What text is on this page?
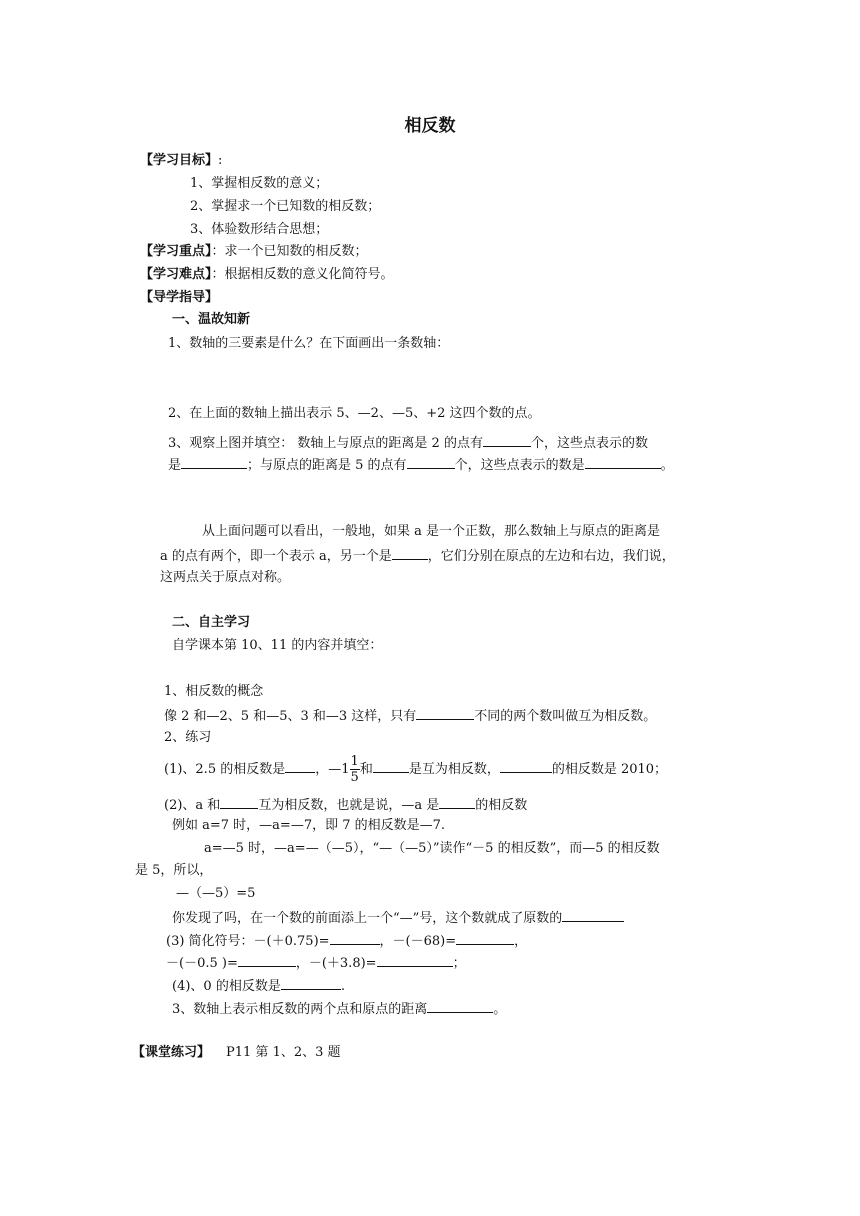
相反数
【学习目标】:
1、掌握相反数的意义；
2、掌握求一个已知数的相反数；
3、体验数形结合思想；
【学习重点】：求一个已知数的相反数；
【学习难点】：根据相反数的意义化简符号。
【导学指导】
一、温故知新
1、数轴的三要素是什么？在下面画出一条数轴：
2、在上面的数轴上描出表示 5、—2、—5、+2 这四个数的点。
3、观察上图并填空： 数轴上与原点的距离是 2 的点有	个，这些点表示的数
是	；与原点的距离是 5 的点有	个，这些点表示的数是	。
从上面问题可以看出，一般地，如果 a 是一个正数，那么数轴上与原点的距离是
a 的点有两个，即一个表示 a，另一个是	，它们分别在原点的左边和右边，我们说，
这两点关于原点对称。
二、自主学习
自学课本第 10、11 的内容并填空：
1、相反数的概念
像 2 和—2、5 和—5、3 和—3 这样，只有	不同的两个数叫做互为相反数。
2、练习
(1)、2.5 的相反数是 ，—1 $\frac{1}{5}$ 和	是互为相反数，	的相反数是 2010；
(2)、a 和	互为相反数，也就是说，—a 是	的相反数
例如 a=7 时，—a=—7，即 7 的相反数是—7.
a=—5 时，—a=—（—5），“—（—5）”读作“－5 的相反数”，而—5 的相反数
是 5，所以，
—（—5）=5
你发现了吗，在一个数的前面添上一个“—”号，这个数就成了原数的
(3) 简化符号：－(＋0.75)=	，－(－68)=	，
－(－0.5 )=	，－(＋3.8)=	；
(4)、0 的相反数是	.
3、数轴上表示相反数的两个点和原点的距离	。
【课堂练习】 P11 第 1、2、3 题
